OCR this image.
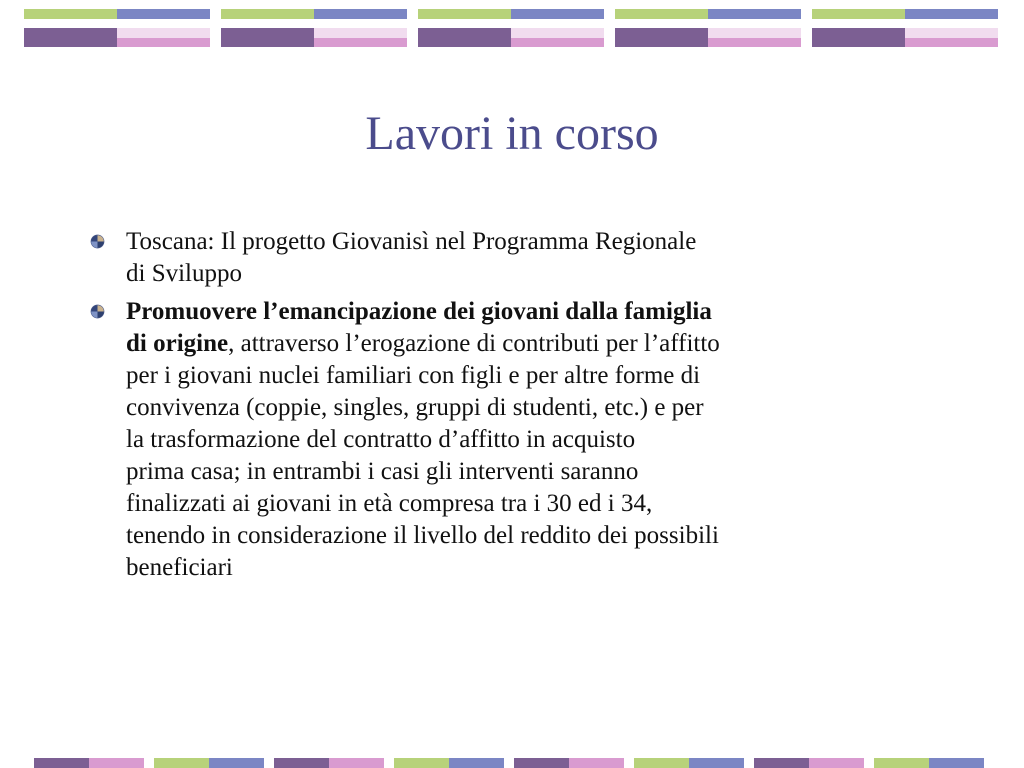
Lavori in corso
Toscana: Il progetto Giovanisì nel Programma Regionale
di Sviluppo
Promuovere l’emancipazione dei giovani dalla famiglia
di origine, attraverso l’erogazione di contributi per l’affitto
per i giovani nuclei familiari con figli e per altre forme di
convivenza (coppie, singles, gruppi di studenti, etc.) e per
la trasformazione del contratto d’affitto in acquisto
prima casa; in entrambi i casi gli interventi saranno
finalizzati ai giovani in età compresa tra i 30 ed i 34,
tenendo in considerazione il livello del reddito dei possibili
beneficiari
